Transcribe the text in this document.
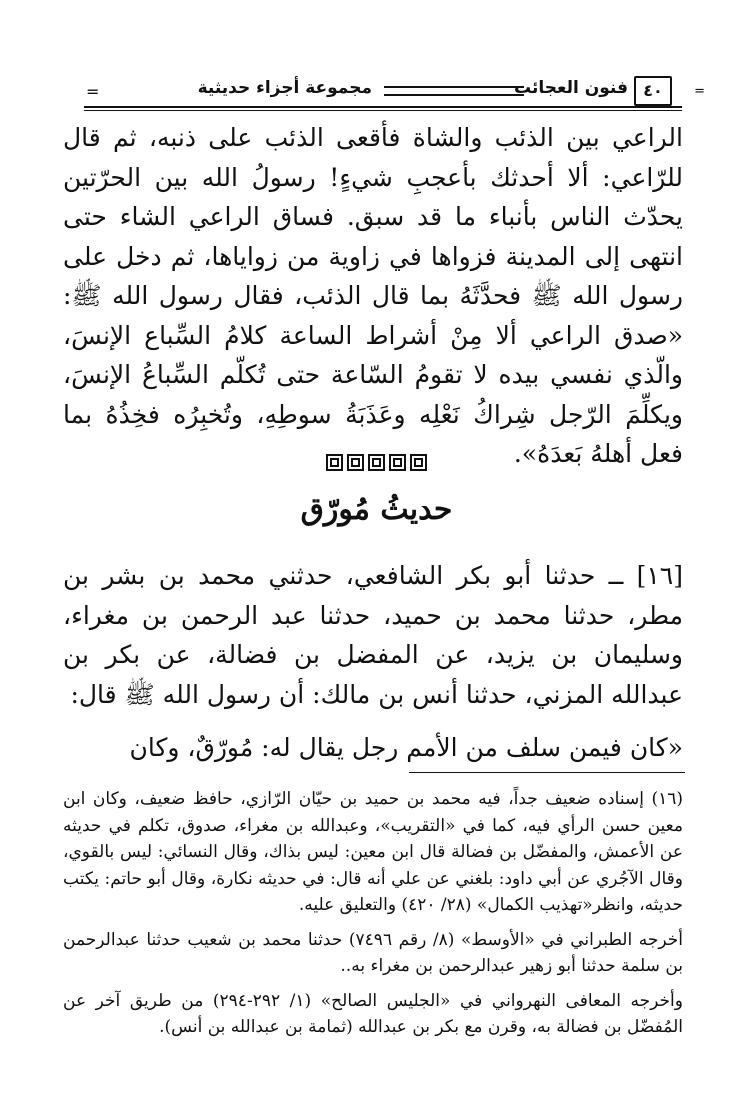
=
٤٠
فنون العجائب
مجموعة أجزاء حديثية
=

الراعي بين الذئب والشاة فأقعى الذئب على ذنبه، ثم قال للرّاعي: ألا أحدثك بأعجبِ شيءٍ! رسولُ الله بين الحرّتين يحدّث الناس بأنباء ما قد سبق. فساق الراعي الشاء حتى انتهى إلى المدينة فزواها في زاوية من زواياها، ثم دخل على رسول الله ﷺ فحدَّثَهُ بما قال الذئب، فقال رسول الله ﷺ: «صدق الراعي ألا مِنْ أشراط الساعة كلامُ السِّباع الإنسَ، والّذي نفسي بيده لا تقومُ السّاعة حتى تُكلّم السِّباعُ الإنسَ، ويكلِّمَ الرّجل شِراكُ نَعْلِه وعَذَبَةُ سوطِهِ، وتُخبِرُه فخِذُهُ بما فعل أهلهُ بَعدَهُ».

حديثُ مُورّق

[١٦] ــ حدثنا أبو بكر الشافعي، حدثني محمد بن بشر بن مطر، حدثنا محمد بن حميد، حدثنا عبد الرحمن بن مغراء، وسليمان بن يزيد، عن المفضل بن فضالة، عن بكر بن عبدالله المزني، حدثنا أنس بن مالك: أن رسول الله ﷺ قال:

«كان فيمن سلف من الأمم رجل يقال له: مُورّقٌ، وكان

(١٦) إسناده ضعيف جداً، فيه محمد بن حميد بن حيّان الرّازي، حافظ ضعيف، وكان ابن معين حسن الرأي فيه، كما في «التقريب»، وعبدالله بن مغراء، صدوق، تكلم في حديثه عن الأعمش، والمفضّل بن فضالة قال ابن معين: ليس بذاك، وقال النسائي: ليس بالقوي، وقال الآجُري عن أبي داود: بلغني عن علي أنه قال: في حديثه نكارة، وقال أبو حاتم: يكتب حديثه، وانظر«تهذيب الكمال» (٢٨/ ٤٢٠) والتعليق عليه.

أخرجه الطبراني في «الأوسط» (٨/ رقم ٧٤٩٦) حدثنا محمد بن شعيب حدثنا عبدالرحمن بن سلمة حدثنا أبو زهير عبدالرحمن بن مغراء به..

وأخرجه المعافى النهرواني في «الجليس الصالح» (١/ ٢٩٢-٢٩٤) من طريق آخر عن المُفضّل بن فضالة به، وقرن مع بكر بن عبدالله (ثمامة بن عبدالله بن أنس).
